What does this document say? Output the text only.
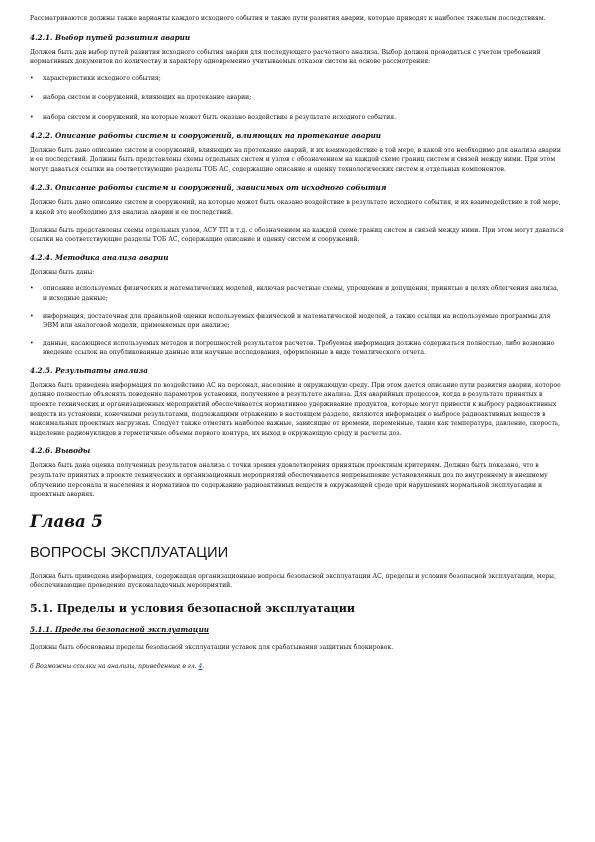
Рассматриваются должны также варианты каждого исходного события и также пути развития аварии, которые приводят к наиболее тяжелым последствиям.

4.2.1. Выбор путей развития аварии

Должен быть дан выбор путей развития исходного события аварии для последующего расчетного анализа. Выбор должен проводиться с учетом требований нормативных документов по количеству и характеру одновременно учитываемых отказов систем на основе рассмотрения:

•	характеристики исходного события;
•	набора систем и сооружений, влияющих на протекание аварии;
•	набора систем и сооружений, на которые может быть оказано воздействие в результате исходного события.

4.2.2. Описание работы систем и сооружений, влияющих на протекание аварии

Должно быть дано описание систем и сооружений, влияющих на протекание аварий, и их взаимодействие в той мере, в какой это необходимо для анализа аварии и ее последствий. Должны быть представлены схемы отдельных систем и узлов с обозначением на каждой схеме границ систем и связей между ними. При этом могут даваться ссылки на соответствующие разделы ТОБ АС, содержащие описание и оценку технологических систем и отдельных компонентов.

4.2.3. Описание работы систем и сооружений, зависимых от исходного события

Должно быть дано описание систем и сооружений, на которые может быть оказано воздействие в результате исходного события, и их взаимодействие в той мере, в какой это необходимо для анализа аварии и ее последствий.

Должны быть представлены схемы отдельных узлов, АСУ ТП и т.д. с обозначением на каждой схеме границ систем и связей между ними. При этом могут даваться ссылки на соответствующие разделы ТОБ АС, содержащие описание и оценку систем и сооружений.

4.2.4. Методика анализа аварии

Должны быть даны:

•	описание используемых физических и математических моделей, включая расчетные схемы, упрощения и допущения, принятые в целях облегчения анализа, и исходные данные;
•	информация, достаточная для правильной оценки используемых физической и математической моделей, а также ссылки на используемые программы для ЭВМ или аналоговой модели, применяемых при анализе;
•	данные, касающиеся используемых методов и погрешностей результатов расчетов. Требуемая информация должна содержаться полностью, либо возможно введение ссылок на опубликованные данные или научные исследования, оформленные в виде тематического отчета.

4.2.5. Результаты анализа

Должна быть приведена информация по воздействию АС на персонал, население и окружающую среду. При этом дается описание пути развития аварии, которое должно полностью объяснять поведение параметров установки, полученное в результате анализа. Для аварийных процессов, когда в результате принятых в проекте технических и организационных мероприятий обеспечивается нормативное удерживание продуктов, которые могут привести к выбросу радиоактивных веществ из установки, конечными результатами, подлежащими отражению в настоящем разделе, являются информация о выбросе радиоактивных веществ в максимальных проектных нагрузках. Следует также отметить наиболее важные, зависящие от времени, переменные, такие как температура, давление, скорость, выделение радионуклидов в герметичные объемы первого контура, их выход в окружающую среду и расчеты доз.

4.2.6. Выводы

Должна быть дана оценка полученных результатов анализа с точки зрения удовлетворения принятым проектным критериям. Должно быть показано, что в результате принятых в проекте технических и организационных мероприятий обеспечивается непревышение установленных доз по внутреннему и внешнему облучению персонала и населения и нормативов по содержанию радиоактивных веществ в окружающей среде при нарушениях нормальной эксплуатации и проектных авариях.

Глава 5

ВОПРОСЫ ЭКСПЛУАТАЦИИ

Должна быть приведена информация, содержащая организационные вопросы безопасной эксплуатации АС, пределы и условия безопасной эксплуатации, меры, обеспечивающие проведение пусконаладочных мероприятий.

5.1. Пределы и условия безопасной эксплуатации

5.1.1. Пределы безопасной эксплуатации

Должны быть обоснованы пределы безопасной эксплуатации уставок для срабатывания защитных блокировок.

6 Возможны ссылки на анализы, приведенные в гл. 4.
